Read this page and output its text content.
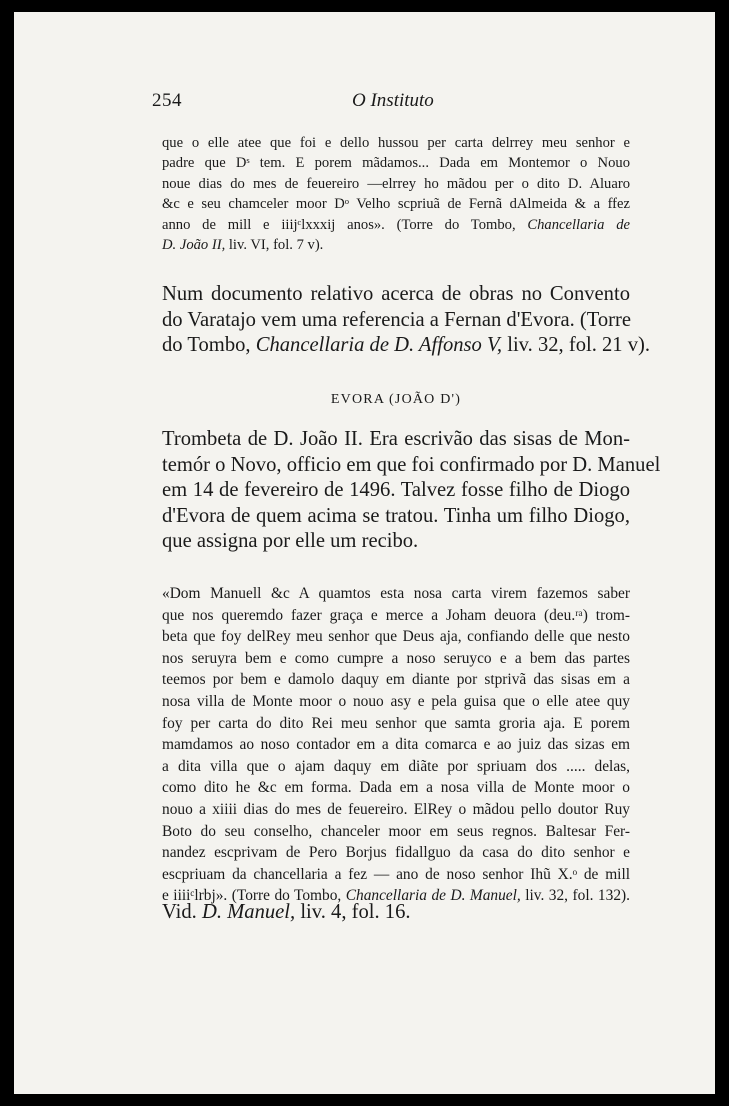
254	O Instituto
que o elle atee que foi e dello hussou per carta delrrey meu senhor e
padre que Dˢ tem. E porem mãdamos... Dada em Montemor o Nouo
noue dias do mes de feuereiro —elrrey ho mãdou per o dito D. Aluaro
&c e seu chamceler moor Dᵒ Velho scpriuã de Fernã dAlmeida & a ffez
anno de mill e iiijᶜlxxxij anos». (Torre do Tombo, Chancellaria de
D. João II, liv. VI, fol. 7 v).
Num documento relativo acerca de obras no Convento
do Varatajo vem uma referencia a Fernan d'Evora. (Torre
do Tombo, Chancellaria de D. Affonso V, liv. 32, fol. 21 v).
EVORA (JOÃO D')
Trombeta de D. João II. Era escrivão das sisas de Mon-
temór o Novo, officio em que foi confirmado por D. Manuel
em 14 de fevereiro de 1496. Talvez fosse filho de Diogo
d'Evora de quem acima se tratou. Tinha um filho Diogo,
que assigna por elle um recibo.
«Dom Manuell &c A quamtos esta nosa carta virem fazemos saber
que nos queremdo fazer graça e merce a Joham deuora (deu.ʳᵃ) trom-
beta que foy delRey meu senhor que Deus aja, confiando delle que nesto
nos seruyra bem e como cumpre a noso seruyco e a bem das partes
teemos por bem e damolo daquy em diante por stprivã das sisas em a
nosa villa de Monte moor o nouo asy e pela guisa que o elle atee quy
foy per carta do dito Rei meu senhor que samta groria aja. E porem
mamdamos ao noso contador em a dita comarca e ao juiz das sizas em
a dita villa que o ajam daquy em diãte por spriuam dos ..... delas,
como dito he &c em forma. Dada em a nosa villa de Monte moor o
nouo a xiiii dias do mes de feuereiro. ElRey o mãdou pello doutor Ruy
Boto do seu conselho, chanceler moor em seus regnos. Baltesar Fer-
nandez escprivam de Pero Borjus fidallguo da casa do dito senhor e
escpriuam da chancellaria a fez — ano de noso senhor Ihũ X.ᵒ de mill
e iiiiᶜlrbj». (Torre do Tombo, Chancellaria de D. Manuel, liv. 32, fol. 132).
Vid. D. Manuel, liv. 4, fol. 16.
